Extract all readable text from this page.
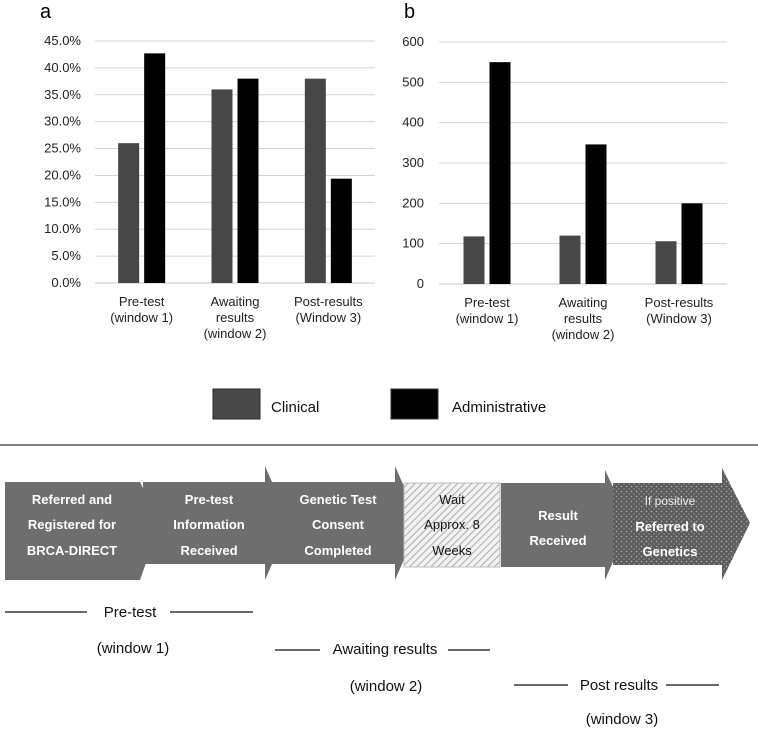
a	b
0.0%
5.0%
10.0%
15.0%
20.0%
25.0%
30.0%
35.0%
40.0%
45.0%
Pre-test
(window 1)
Awaiting
results
(window 2)
Post-results
(Window 3)
0
100
200
300
400
500
600
Pre-test
(window 1)
Awaiting
results
(window 2)
Post-results
(Window 3)
Clinical	Administrative
Referred and
Registered for
BRCA-DIRECT
Pre-test
Information
Received
Genetic Test
Consent
Completed
Wait
Approx. 8
Weeks
Result
Received
If positive
Referred to
Genetics
Pre-test
(window 1)	Awaiting results
(window 2)	Post results
(window 3)
